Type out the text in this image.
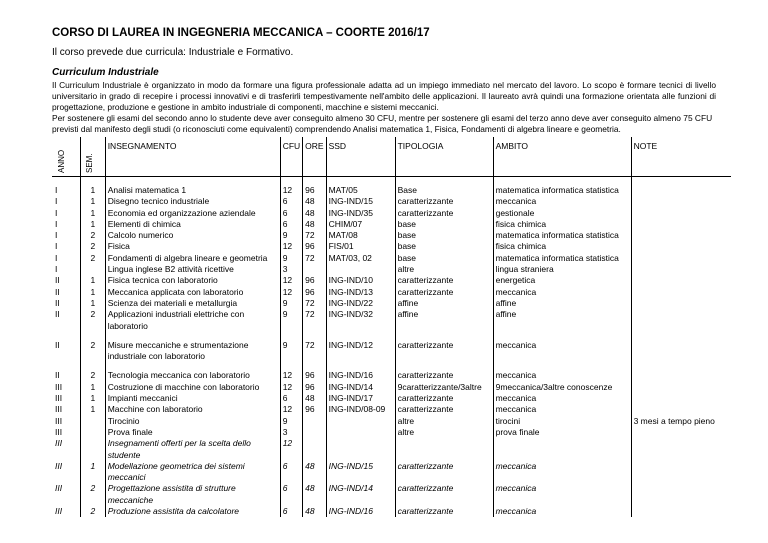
CORSO DI LAUREA IN INGEGNERIA MECCANICA – COORTE 2016/17
Il corso prevede due curricula: Industriale e Formativo.
Curriculum Industriale
Il Curriculum Industriale è organizzato in modo da formare una figura professionale adatta ad un impiego immediato nel mercato del lavoro. Lo scopo è formare tecnici di livello universitario in grado di recepire i processi innovativi e di trasferirli tempestivamente nell'ambito delle applicazioni. Il laureato avrà quindi una formazione orientata alle funzioni di progettazione, produzione e gestione in ambito industriale di componenti, macchine e sistemi meccanici.
Per sostenere gli esami del secondo anno lo studente deve aver conseguito almeno 30 CFU, mentre per sostenere gli esami del terzo anno deve aver conseguito almeno 75 CFU previsti dal manifesto degli studi (o riconosciuti come equivalenti) comprendendo Analisi matematica 1, Fisica, Fondamenti di algebra lineare e geometria.
ANNO	SEM.	INSEGNAMENTO	CFU	ORE	SSD	TIPOLOGIA	AMBITO	NOTE

I	1	Analisi matematica 1	12	96	MAT/05	Base	matematica informatica statistica	
I	1	Disegno tecnico industriale	6	48	ING-IND/15	caratterizzante	meccanica	
I	1	Economia ed organizzazione aziendale	6	48	ING-IND/35	caratterizzante	gestionale	
I	1	Elementi di chimica	6	48	CHIM/07	base	fisica chimica	
I	2	Calcolo numerico	9	72	MAT/08	base	matematica informatica statistica	
I	2	Fisica	12	96	FIS/01	base	fisica chimica	
I	2	Fondamenti di algebra lineare e geometria	9	72	MAT/03, 02	base	matematica informatica statistica	
I		Lingua inglese B2 attività ricettive	3			altre	lingua straniera	
II	1	Fisica tecnica con laboratorio	12	96	ING-IND/10	caratterizzante	energetica	
II	1	Meccanica applicata con laboratorio	12	96	ING-IND/13	caratterizzante	meccanica	
II	1	Scienza dei materiali e metallurgia	9	72	ING-IND/22	affine	affine	
II	2	Applicazioni industriali elettriche con laboratorio	9	72	ING-IND/32	affine	affine	

II	2	Misure meccaniche e strumentazione industriale con laboratorio	9	72	ING-IND/12	caratterizzante	meccanica	

II	2	Tecnologia meccanica con laboratorio	12	96	ING-IND/16	caratterizzante	meccanica	
III	1	Costruzione di macchine con laboratorio	12	96	ING-IND/14	9caratterizzante/3altre	9meccanica/3altre conoscenze	
III	1	Impianti meccanici	6	48	ING-IND/17	caratterizzante	meccanica	
III	1	Macchine con laboratorio	12	96	ING-IND/08-09	caratterizzante	meccanica	
III		Tirocinio	9			altre	tirocini	3 mesi a tempo pieno
III		Prova finale	3			altre	prova finale	
III		Insegnamenti offerti per la scelta dello studente	12					
III	1	Modellazione geometrica dei sistemi meccanici	6	48	ING-IND/15	caratterizzante	meccanica	
III	2	Progettazione assistita di strutture meccaniche	6	48	ING-IND/14	caratterizzante	meccanica	
III	2	Produzione assistita da calcolatore	6	48	ING-IND/16	caratterizzante	meccanica	
